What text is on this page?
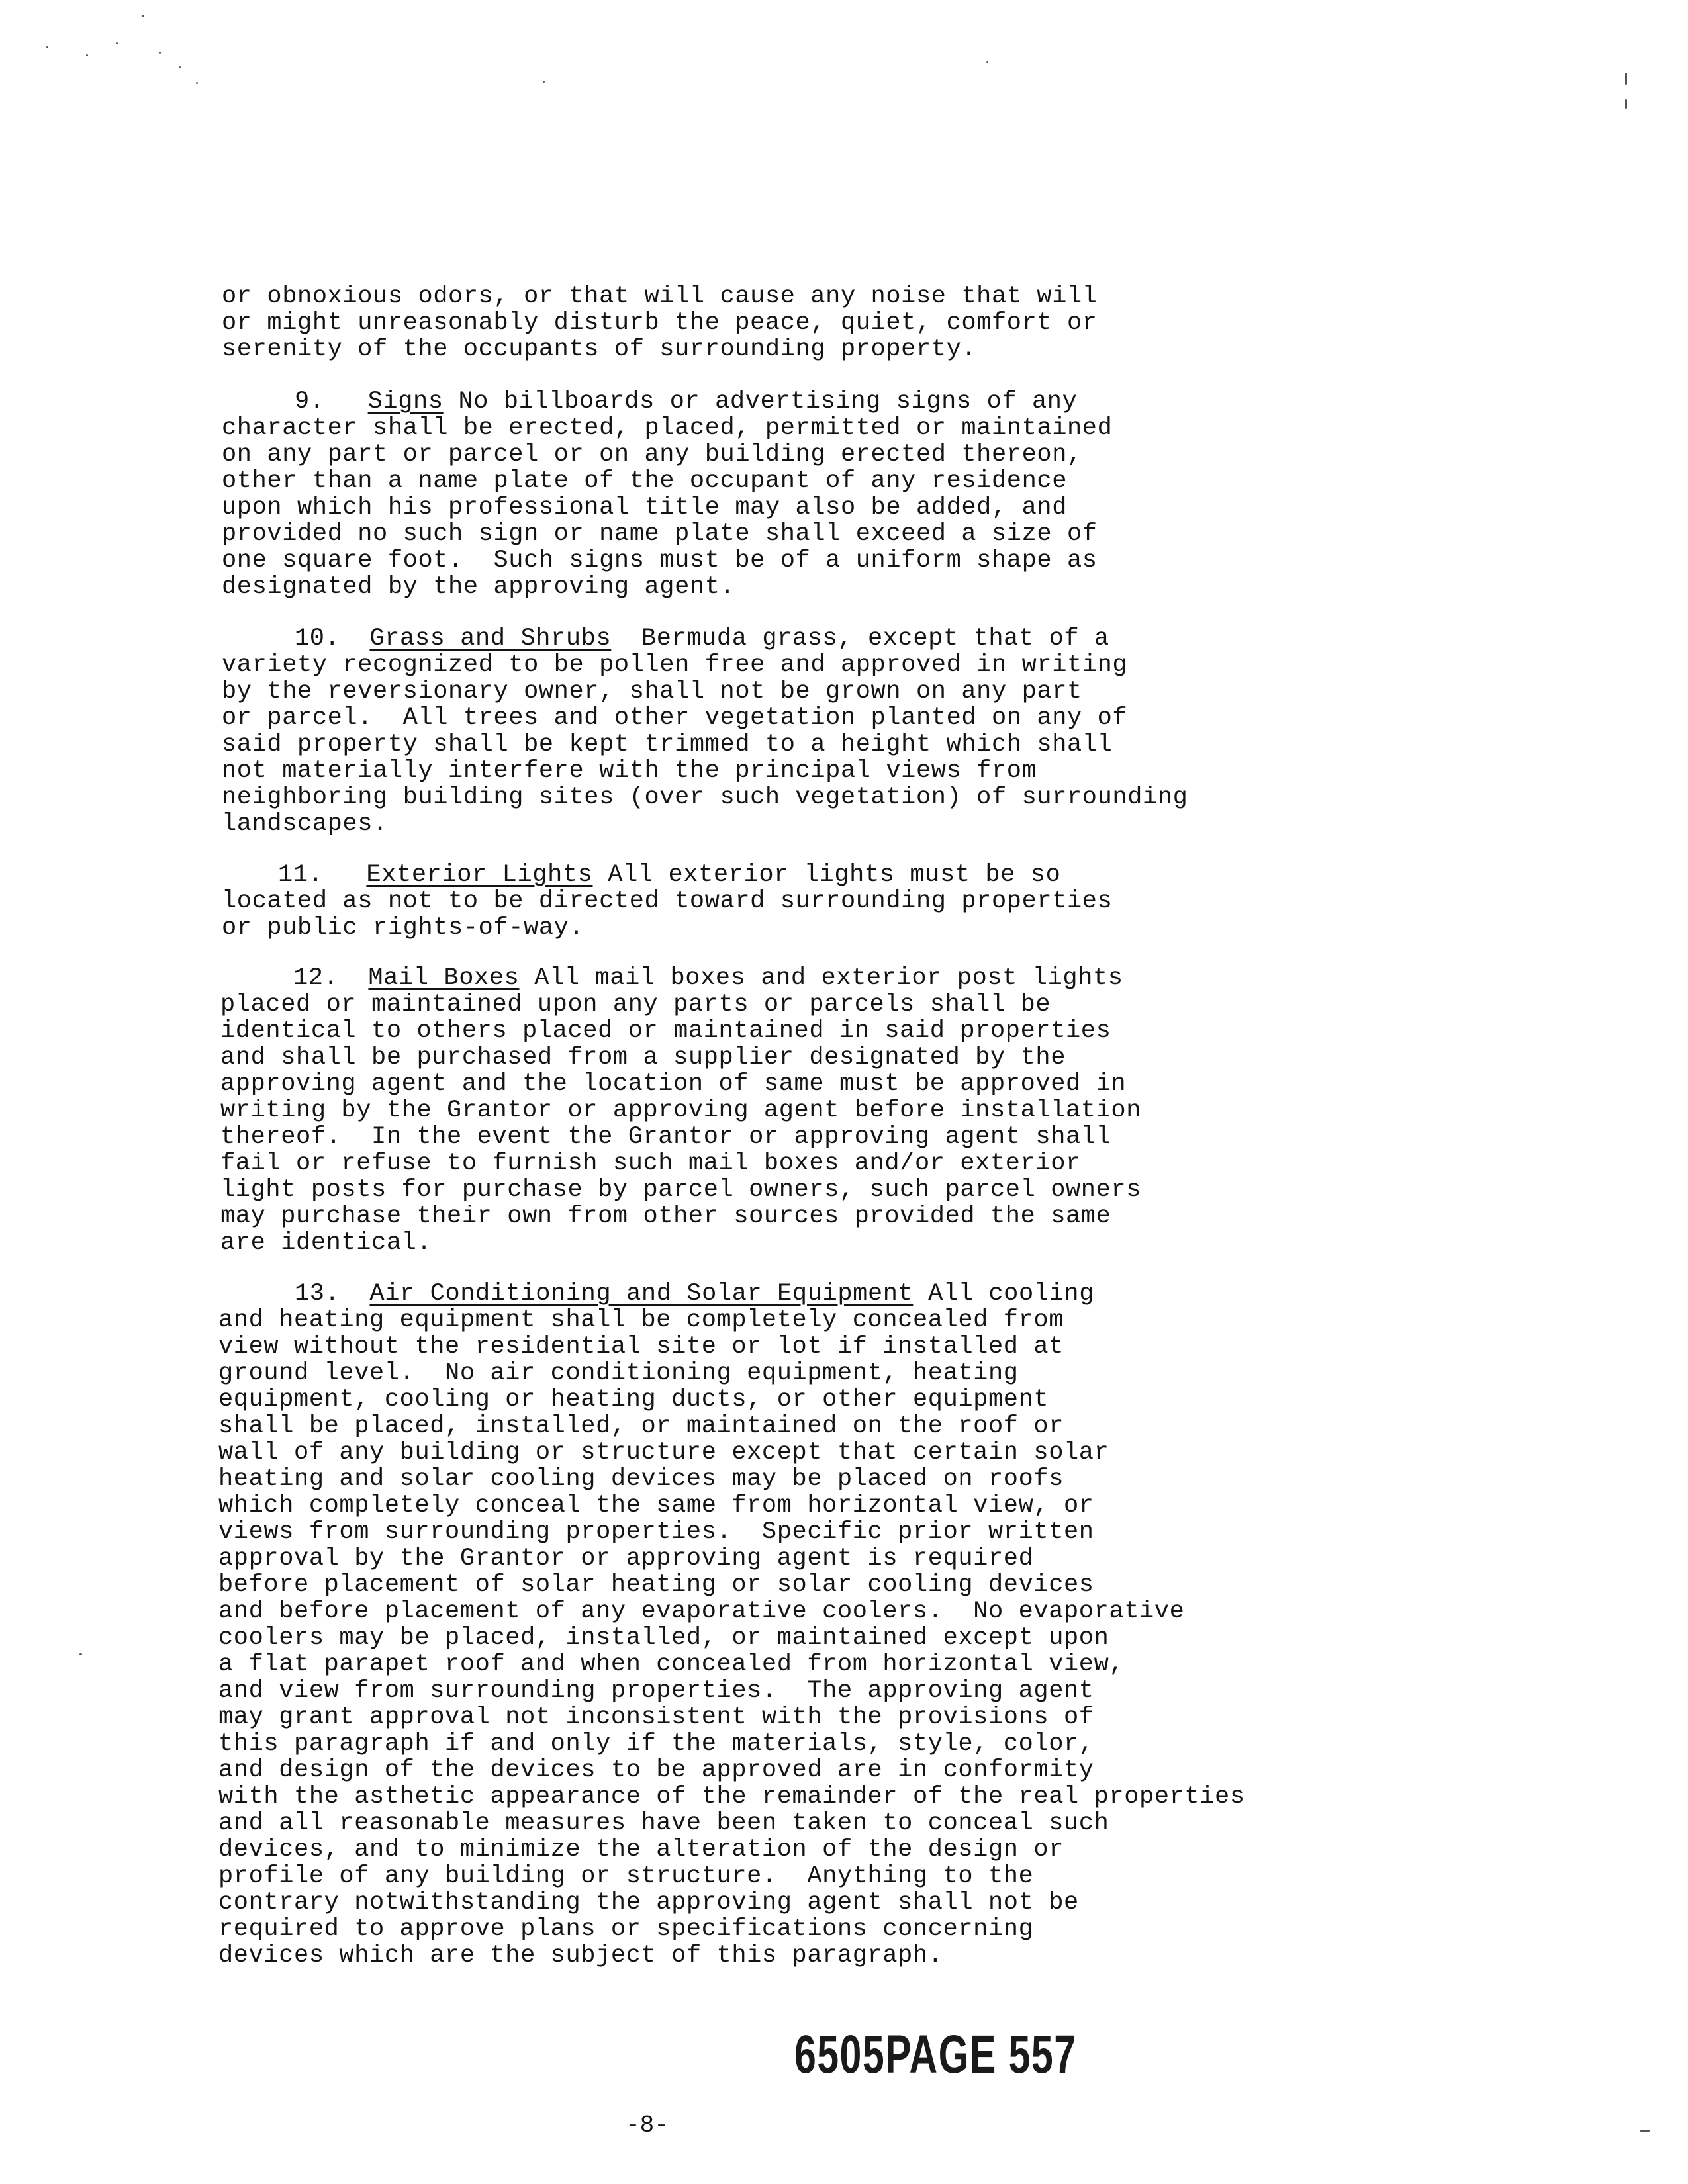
or obnoxious odors, or that will cause any noise that will
or might unreasonably disturb the peace, quiet, comfort or
serenity of the occupants of surrounding property.
9. Signs No billboards or advertising signs of any
character shall be erected, placed, permitted or maintained
on any part or parcel or on any building erected thereon,
other than a name plate of the occupant of any residence
upon which his professional title may also be added, and
provided no such sign or name plate shall exceed a size of
one square foot.  Such signs must be of a uniform shape as
designated by the approving agent.
10. Grass and Shrubs  Bermuda grass, except that of a
variety recognized to be pollen free and approved in writing
by the reversionary owner, shall not be grown on any part
or parcel.  All trees and other vegetation planted on any of
said property shall be kept trimmed to a height which shall
not materially interfere with the principal views from
neighboring building sites (over such vegetation) of surrounding
landscapes.
11. Exterior Lights All exterior lights must be so
located as not to be directed toward surrounding properties
or public rights-of-way.
12. Mail Boxes All mail boxes and exterior post lights
placed or maintained upon any parts or parcels shall be
identical to others placed or maintained in said properties
and shall be purchased from a supplier designated by the
approving agent and the location of same must be approved in
writing by the Grantor or approving agent before installation
thereof.  In the event the Grantor or approving agent shall
fail or refuse to furnish such mail boxes and/or exterior
light posts for purchase by parcel owners, such parcel owners
may purchase their own from other sources provided the same
are identical.
13. Air Conditioning and Solar Equipment All cooling
and heating equipment shall be completely concealed from
view without the residential site or lot if installed at
ground level.  No air conditioning equipment, heating
equipment, cooling or heating ducts, or other equipment
shall be placed, installed, or maintained on the roof or
wall of any building or structure except that certain solar
heating and solar cooling devices may be placed on roofs
which completely conceal the same from horizontal view, or
views from surrounding properties.  Specific prior written
approval by the Grantor or approving agent is required
before placement of solar heating or solar cooling devices
and before placement of any evaporative coolers.  No evaporative
coolers may be placed, installed, or maintained except upon
a flat parapet roof and when concealed from horizontal view,
and view from surrounding properties.  The approving agent
may grant approval not inconsistent with the provisions of
this paragraph if and only if the materials, style, color,
and design of the devices to be approved are in conformity
with the asthetic appearance of the remainder of the real properties
and all reasonable measures have been taken to conceal such
devices, and to minimize the alteration of the design or
profile of any building or structure.  Anything to the
contrary notwithstanding the approving agent shall not be
required to approve plans or specifications concerning
devices which are the subject of this paragraph.
6505PAGE 557
-8-
